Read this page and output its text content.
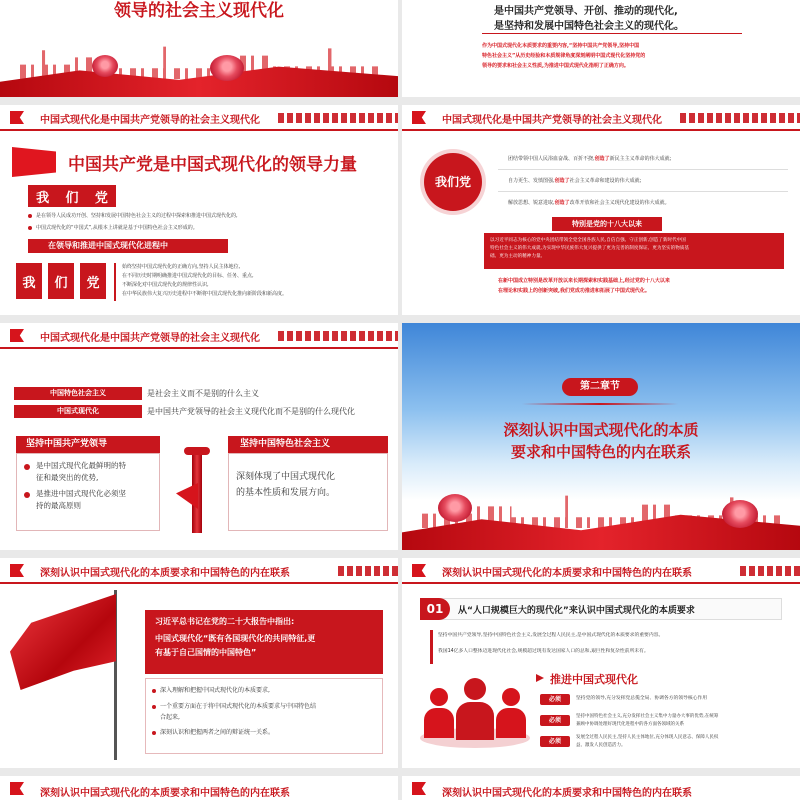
领导的社会主义现代化	是中国共产党领导、开创、推动的现代化,
是坚持和发展中国特色社会主义的现代化。
作为中国式现代化本质要求的重要内容,“坚持中国共产党领导,坚持中国
特色社会主义”从历史经验和本质规律角度深刻阐明中国式现代化坚持党的
领导的要求和社会主义性质,为推进中国式现代化指明了正确方向。
中国式现代化是中国共产党领导的社会主义现代化
中国共产党是中国式现代化的领导力量
我 们 党
是在领导人民成功开创、坚持和发展中国特色社会主义的过程中探索和推进中国式现代化的,
中国式现代化的“中国式”,从根本上讲就是基于中国特色社会主义形成的。
在领导和推进中国式现代化进程中
我	们	党
始终坚持中国式现代化的正确方向,坚持人民主体地位,
在不同历史时期明确推进中国式现代化的目标、任务、重点,
不断深化对中国式现代化的规律性认识,
在中华民族伟大复兴历史进程中不断将中国式现代化推向新阶段和新高度。
中国式现代化是中国共产党领导的社会主义现代化
我们党
团结带领中国人民浴血奋战、百折不挠,创造了新民主主义革命的伟大成就;
自力更生、发愤图强,创造了社会主义革命和建设的伟大成就;
解放思想、锐意进取,创造了改革开放和社会主义现代化建设的伟大成就。
特别是党的十八大以来
以习近平同志为核心的党中央团结带领全党全国各族人民,自信自强、守正创新,创造了新时代中国
特色社会主义的伟大成就,为实现中华民族伟大复兴提供了更为完善的制度保证、更为坚实的物质基
础、更为主动的精神力量。
在新中国成立特别是改革开放以来长期探索和实践基础上,经过党的十八大以来
在理论和实践上的创新突破,我们党成功推进和拓展了中国式现代化。
中国式现代化是中国共产党领导的社会主义现代化
中国特色社会主义	是社会主义而不是别的什么主义
中国式现代化	是中国共产党领导的社会主义现代化而不是别的什么现代化
坚持中国共产党领导
是中国式现代化最鲜明的特
征和最突出的优势,
是推进中国式现代化必须坚
持的最高原则
坚持中国特色社会主义
深刻体现了中国式现代化
的基本性质和发展方向。
第二章节
深刻认识中国式现代化的本质
要求和中国特色的内在联系
深刻认识中国式现代化的本质要求和中国特色的内在联系
习近平总书记在党的二十大报告中指出:
中国式现代化“既有各国现代化的共同特征,更
有基于自己国情的中国特色”
深入理解和把握中国式现代化的本质要求,
一个重要方面在于将中国式现代化的本质要求与中国特色结
合起来,
深刻认识和把握两者之间的辩证统一关系。
深刻认识中国式现代化的本质要求和中国特色的内在联系
01	从“人口规模巨大的现代化”来认识中国式现代化的本质要求
坚持中国共产党领导,坚持中国特色社会主义,发展全过程人民民主,是中国式现代化的本质要求的重要内容。
我国14亿多人口整体迈进现代化社会,规模超过现有发达国家人口的总和,艰巨性和复杂性前所未有。
推进中国式现代化
必须	坚持党的领导,充分发挥党总揽全局、协调各方的领导核心作用
必须
坚持中国特色社会主义,充分发挥社会主义集中力量办大事的优势,在统筹
兼顾中协调处理好现代化进程中的各方面各领域的关系
必须
发展全过程人民民主,坚持人民主体地位,充分体现人民意志、保障人民权
益、激发人民创造活力。
深刻认识中国式现代化的本质要求和中国特色的内在联系	深刻认识中国式现代化的本质要求和中国特色的内在联系
